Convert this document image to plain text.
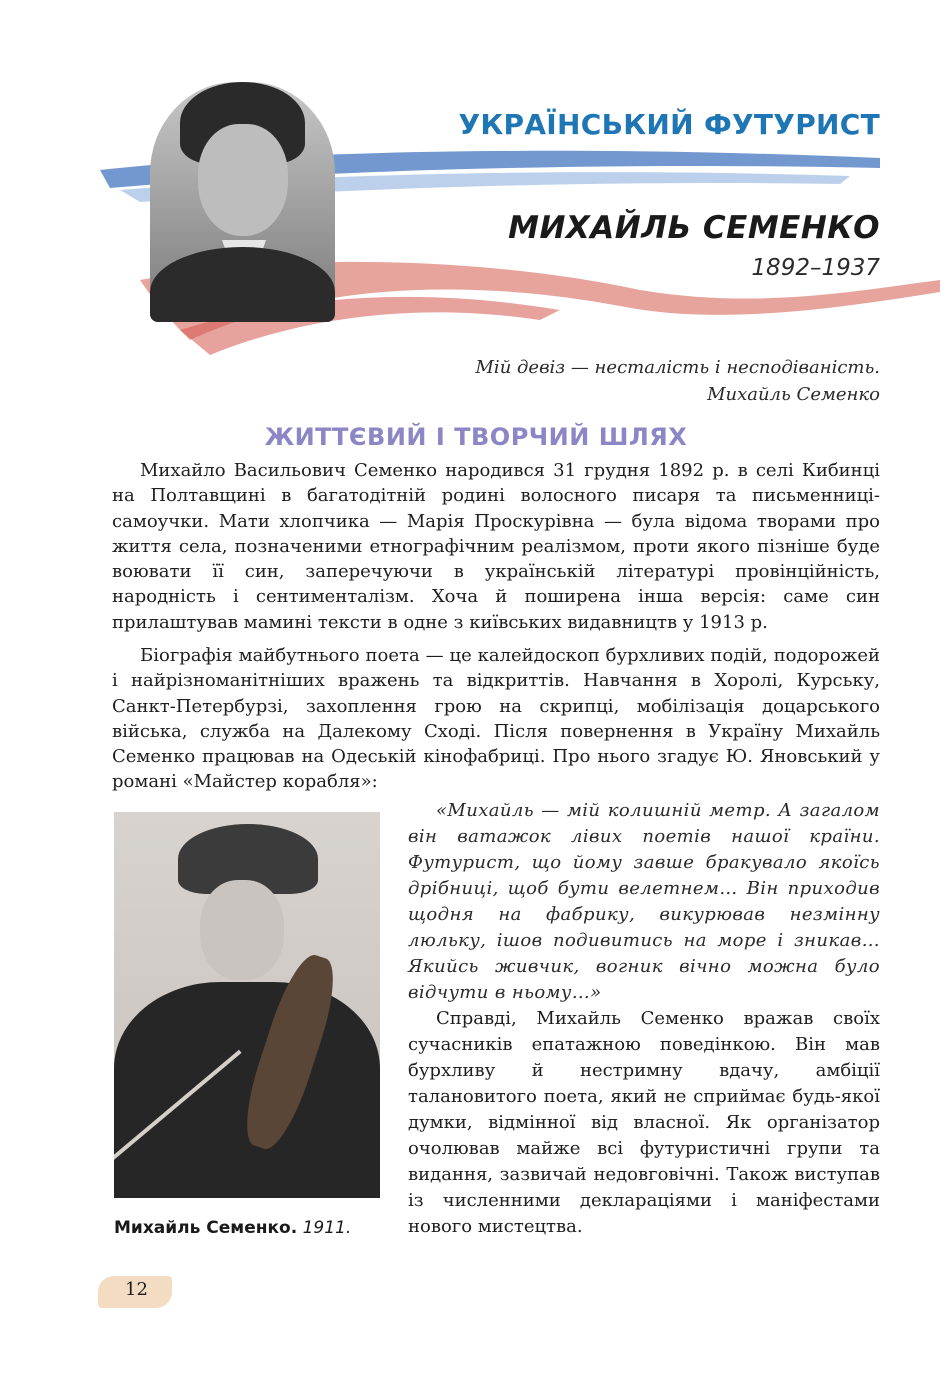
УКРАЇНСЬКИЙ ФУТУРИСТ
МИХАЙЛЬ СЕМЕНКО
1892–1937
Мій девіз — несталість і несподіваність.
Михайль Семенко
ЖИТТЄВИЙ І ТВОРЧИЙ ШЛЯХ

Михайло Васильович Семенко народився 31 грудня 1892 р. в селі Кибинці на Полтавщині в багатодітній родині волосного писаря та письменниці-самоучки. Мати хлопчика — Марія Проскурівна — була відома творами про життя села, позначеними етнографічним реалізмом, проти якого пізніше буде воювати її син, заперечуючи в українській літературі провінційність, народність і сентименталізм. Хоча й поширена інша версія: саме син прилаштував мамині тексти в одне з київських видавництв у 1913 р.

Біографія майбутнього поета — це калейдоскоп бурхливих подій, подорожей і найрізноманітніших вражень та відкриттів. Навчання в Хоролі, Курську, Санкт-Петербурзі, захоплення грою на скрипці, мобілізація доцарського війська, служба на Далекому Сході. Після повернення в Україну Михайль Семенко працював на Одеській кінофабриці. Про нього згадує Ю. Яновський у романі «Майстер корабля»:

Михайль Семенко. 1911.

«Михайль — мій колишній метр. А загалом він ватажок лівих поетів нашої країни. Футурист, що йому завше бракувало якоїсь дрібниці, щоб бути велетнем… Він приходив щодня на фабрику, викурював незмінну люльку, ішов подивитись на море і зникав… Якийсь живчик, вогник вічно можна було відчути в ньому…»

Справді, Михайль Семенко вражав своїх сучасників епатажною поведінкою. Він мав бурхливу й нестримну вдачу, амбіції талановитого поета, який не сприймає будь-якої думки, відмінної від власної. Як організатор очолював майже всі футуристичні групи та видання, зазвичай недовговічні. Також виступав із численними деклараціями і маніфестами нового мистецтва.

12
